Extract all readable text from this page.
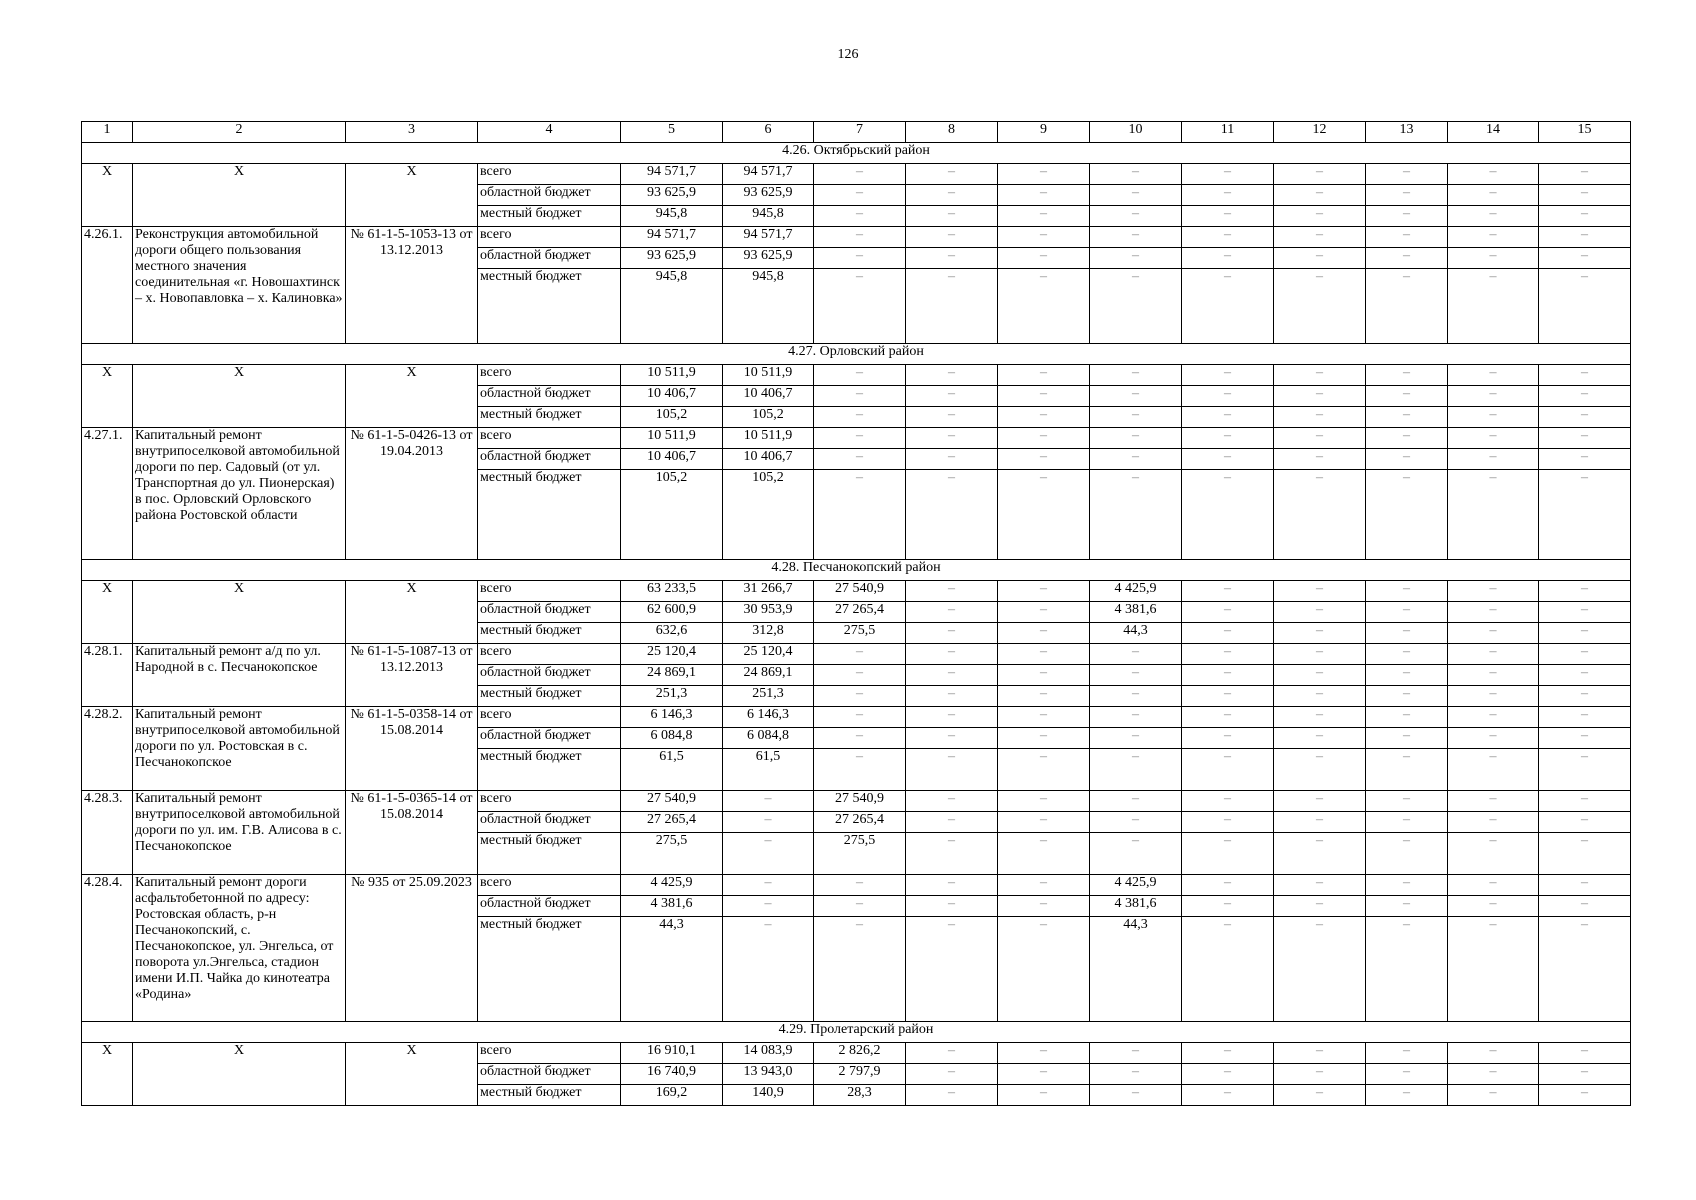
126
1	2	3	4	5	6	7	8	9	10	11	12	13	14	15
4.26. Октябрьский район														
X	X	X	всего	94 571,7	94 571,7	–	–	–	–	–	–	–	–	–
			областной бюджет	93 625,9	93 625,9	–	–	–	–	–	–	–	–	–
			местный бюджет	945,8	945,8	–	–	–	–	–	–	–	–	–
4.26.1.	Реконструкция автомобильной дороги общего пользования местного значения соединительная «г. Новошахтинск – х. Новопавловка – х. Калиновка»	№ 61-1-5-1053-13 от 13.12.2013	всего	94 571,7	94 571,7	–	–	–	–	–	–	–	–	–
			областной бюджет	93 625,9	93 625,9	–	–	–	–	–	–	–	–	–
			местный бюджет	945,8	945,8	–	–	–	–	–	–	–	–	–
4.27. Орловский район														
X	X	X	всего	10 511,9	10 511,9	–	–	–	–	–	–	–	–	–
			областной бюджет	10 406,7	10 406,7	–	–	–	–	–	–	–	–	–
			местный бюджет	105,2	105,2	–	–	–	–	–	–	–	–	–
4.27.1.	Капитальный ремонт внутрипоселковой автомобильной дороги по пер. Садовый (от ул. Транспортная до ул. Пионерская) в пос. Орловский Орловского района Ростовской области	№ 61-1-5-0426-13 от 19.04.2013	всего	10 511,9	10 511,9	–	–	–	–	–	–	–	–	–
			областной бюджет	10 406,7	10 406,7	–	–	–	–	–	–	–	–	–
			местный бюджет	105,2	105,2	–	–	–	–	–	–	–	–	–
4.28. Песчанокопский район														
X	X	X	всего	63 233,5	31 266,7	27 540,9	–	–	4 425,9	–	–	–	–	–
			областной бюджет	62 600,9	30 953,9	27 265,4	–	–	4 381,6	–	–	–	–	–
			местный бюджет	632,6	312,8	275,5	–	–	44,3	–	–	–	–	–
4.28.1.	Капитальный ремонт а/д по ул. Народной в с. Песчанокопское	№ 61-1-5-1087-13 от 13.12.2013	всего	25 120,4	25 120,4	–	–	–	–	–	–	–	–	–
			областной бюджет	24 869,1	24 869,1	–	–	–	–	–	–	–	–	–
			местный бюджет	251,3	251,3	–	–	–	–	–	–	–	–	–
4.28.2.	Капитальный ремонт внутрипоселковой автомобильной дороги по ул. Ростовская в с. Песчанокопское	№ 61-1-5-0358-14 от 15.08.2014	всего	6 146,3	6 146,3	–	–	–	–	–	–	–	–	–
			областной бюджет	6 084,8	6 084,8	–	–	–	–	–	–	–	–	–
			местный бюджет	61,5	61,5	–	–	–	–	–	–	–	–	–
4.28.3.	Капитальный ремонт внутрипоселковой автомобильной дороги по ул. им. Г.В. Алисова в с. Песчанокопское	№ 61-1-5-0365-14 от 15.08.2014	всего	27 540,9	–	27 540,9	–	–	–	–	–	–	–	–
			областной бюджет	27 265,4	–	27 265,4	–	–	–	–	–	–	–	–
			местный бюджет	275,5	–	275,5	–	–	–	–	–	–	–	–
4.28.4.	Капитальный ремонт дороги асфальтобетонной по адресу: Ростовская область, р-н Песчанокопский, с. Песчанокопское, ул. Энгельса, от поворота ул.Энгельса, стадион имени И.П. Чайка до кинотеатра «Родина»	№ 935 от 25.09.2023	всего	4 425,9	–	–	–	–	4 425,9	–	–	–	–	–
			областной бюджет	4 381,6	–	–	–	–	4 381,6	–	–	–	–	–
			местный бюджет	44,3	–	–	–	–	44,3	–	–	–	–	–
4.29. Пролетарский район														
X	X	X	всего	16 910,1	14 083,9	2 826,2	–	–	–	–	–	–	–	–
			областной бюджет	16 740,9	13 943,0	2 797,9	–	–	–	–	–	–	–	–
			местный бюджет	169,2	140,9	28,3	–	–	–	–	–	–	–	–
